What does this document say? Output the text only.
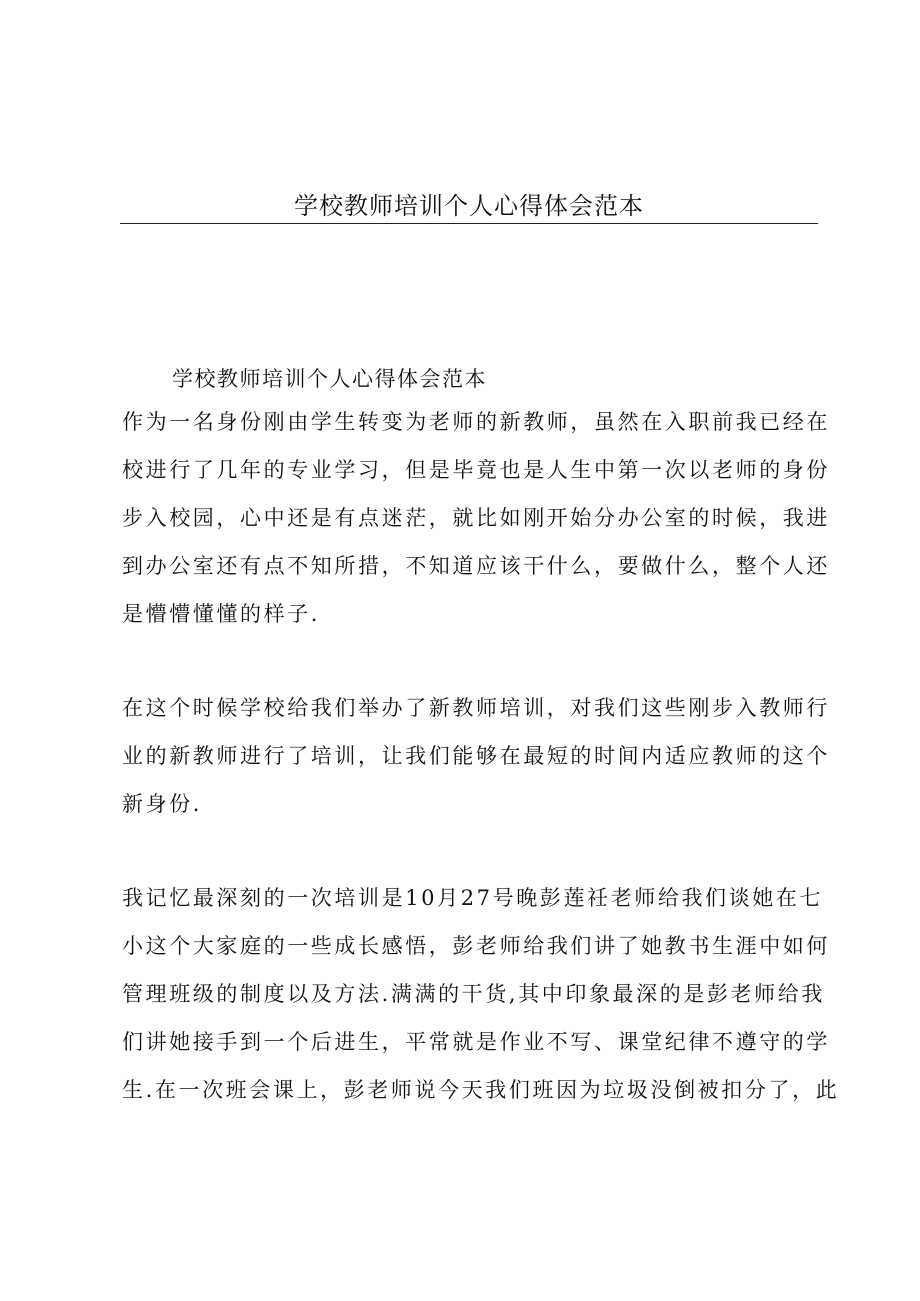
学校教师培训个人心得体会范本

学校教师培训个人心得体会范本

作为一名身份刚由学生转变为老师的新教师，虽然在入职前我已经在
校进行了几年的专业学习，但是毕竟也是人生中第一次以老师的身份
步入校园，心中还是有点迷茫，就比如刚开始分办公室的时候，我进
到办公室还有点不知所措，不知道应该干什么，要做什么，整个人还
是懵懵懂懂的样子.

在这个时候学校给我们举办了新教师培训，对我们这些刚步入教师行
业的新教师进行了培训，让我们能够在最短的时间内适应教师的这个
新身份.

我记忆最深刻的一次培训是10月27号晚彭莲祍老师给我们谈她在七
小这个大家庭的一些成长感悟，彭老师给我们讲了她教书生涯中如何
管理班级的制度以及方法.满满的干货,其中印象最深的是彭老师给我
们讲她接手到一个后进生，平常就是作业不写、课堂纪律不遵守的学
生.在一次班会课上，彭老师说今天我们班因为垃圾没倒被扣分了，此
